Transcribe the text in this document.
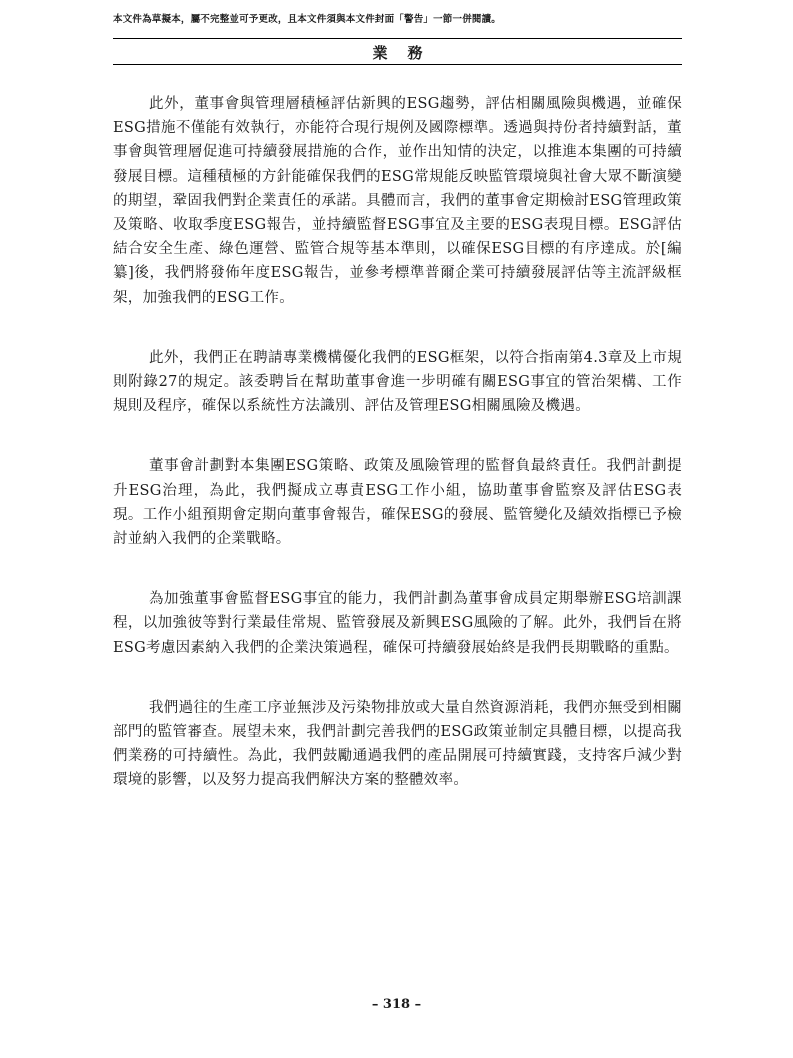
本文件為草擬本，屬不完整並可予更改，且本文件須與本文件封面「警告」一節一併閱讀。
業務

此外，董事會與管理層積極評估新興的ESG趨勢，評估相關風險與機遇，並確保ESG措施不僅能有效執行，亦能符合現行規例及國際標準。透過與持份者持續對話，董事會與管理層促進可持續發展措施的合作，並作出知情的決定，以推進本集團的可持續發展目標。這種積極的方針能確保我們的ESG常規能反映監管環境與社會大眾不斷演變的期望，鞏固我們對企業責任的承諾。具體而言，我們的董事會定期檢討ESG管理政策及策略、收取季度ESG報告，並持續監督ESG事宜及主要的ESG表現目標。ESG評估結合安全生產、綠色運營、監管合規等基本準則，以確保ESG目標的有序達成。於[編纂]後，我們將發佈年度ESG報告，並參考標準普爾企業可持續發展評估等主流評級框架，加強我們的ESG工作。

此外，我們正在聘請專業機構優化我們的ESG框架，以符合指南第4.3章及上市規則附錄27的規定。該委聘旨在幫助董事會進一步明確有關ESG事宜的管治架構、工作規則及程序，確保以系統性方法識別、評估及管理ESG相關風險及機遇。

董事會計劃對本集團ESG策略、政策及風險管理的監督負最終責任。我們計劃提升ESG治理，為此，我們擬成立專責ESG工作小組，協助董事會監察及評估ESG表現。工作小組預期會定期向董事會報告，確保ESG的發展、監管變化及績效指標已予檢討並納入我們的企業戰略。

為加強董事會監督ESG事宜的能力，我們計劃為董事會成員定期舉辦ESG培訓課程，以加強彼等對行業最佳常規、監管發展及新興ESG風險的了解。此外，我們旨在將ESG考慮因素納入我們的企業決策過程，確保可持續發展始終是我們長期戰略的重點。

我們過往的生產工序並無涉及污染物排放或大量自然資源消耗，我們亦無受到相關部門的監管審查。展望未來，我們計劃完善我們的ESG政策並制定具體目標，以提高我們業務的可持續性。為此，我們鼓勵通過我們的產品開展可持續實踐，支持客戶減少對環境的影響，以及努力提高我們解決方案的整體效率。

– 318 –
